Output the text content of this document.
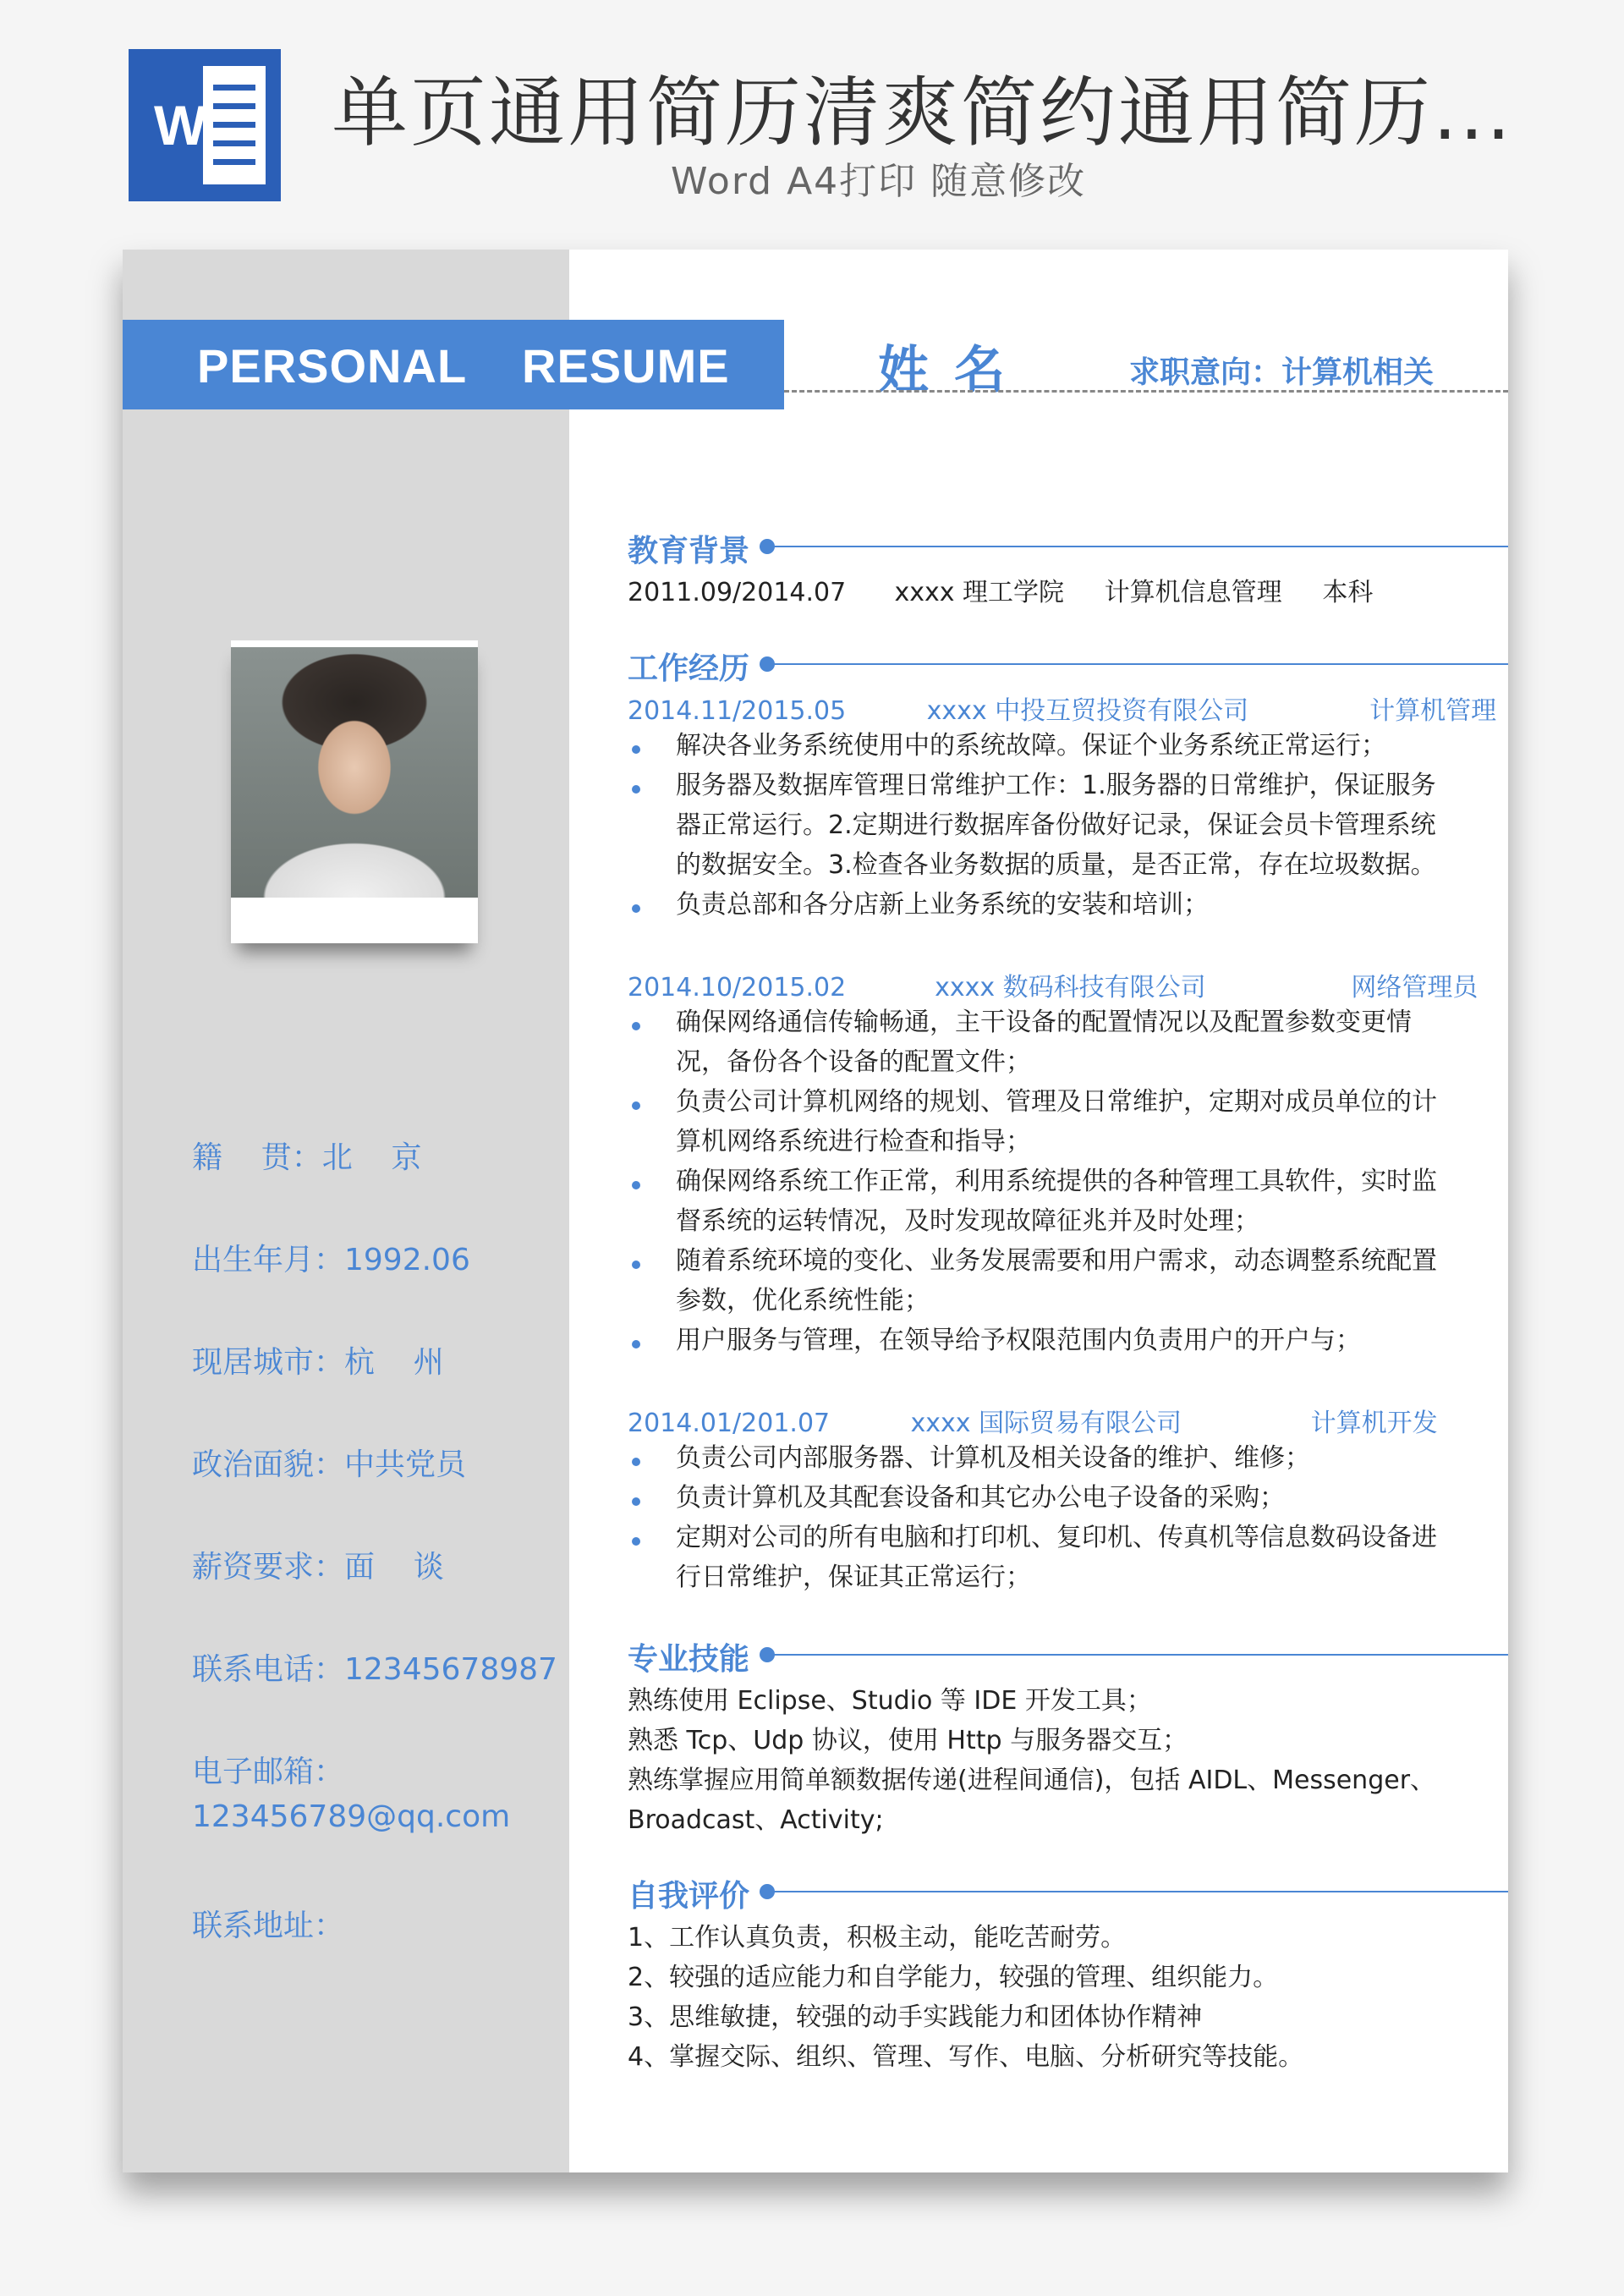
W 单页通用简历清爽简约通用简历...
Word A4打印 随意修改
PERSONAL RESUME	姓名	求职意向：计算机相关
籍    贯：北    京
出生年月：1992.06
现居城市：杭    州
政治面貌：中共党员
薪资要求：面    谈
联系电话：12345678987
电子邮箱：
123456789@qq.com
联系地址：
教育背景
2011.09/2014.07      xxxx 理工学院     计算机信息管理     本科
工作经历
2014.11/2015.05          xxxx 中投互贸投资有限公司               计算机管理
解决各业务系统使用中的系统故障。保证个业务系统正常运行；
服务器及数据库管理日常维护工作：1.服务器的日常维护，保证服务器正常运行。2.定期进行数据库备份做好记录，保证会员卡管理系统的数据安全。3.检查各业务数据的质量，是否正常，存在垃圾数据。
负责总部和各分店新上业务系统的安装和培训；
2014.10/2015.02           xxxx 数码科技有限公司                  网络管理员
确保网络通信传输畅通，主干设备的配置情况以及配置参数变更情况，备份各个设备的配置文件；
负责公司计算机网络的规划、管理及日常维护，定期对成员单位的计算机网络系统进行检查和指导；
确保网络系统工作正常，利用系统提供的各种管理工具软件，实时监督系统的运转情况，及时发现故障征兆并及时处理；
随着系统环境的变化、业务发展需要和用户需求，动态调整系统配置参数，优化系统性能；
用户服务与管理，在领导给予权限范围内负责用户的开户与；
2014.01/201.07          xxxx 国际贸易有限公司                计算机开发
负责公司内部服务器、计算机及相关设备的维护、维修；
负责计算机及其配套设备和其它办公电子设备的采购；
定期对公司的所有电脑和打印机、复印机、传真机等信息数码设备进行日常维护，保证其正常运行；
专业技能
熟练使用 Eclipse、Studio 等 IDE 开发工具；
熟悉 Tcp、Udp 协议，使用 Http 与服务器交互；
熟练掌握应用简单额数据传递(进程间通信)，包括 AIDL、Messenger、
Broadcast、Activity;
自我评价
1、工作认真负责，积极主动，能吃苦耐劳。
2、较强的适应能力和自学能力，较强的管理、组织能力。
3、思维敏捷，较强的动手实践能力和团体协作精神
4、掌握交际、组织、管理、写作、电脑、分析研究等技能。
